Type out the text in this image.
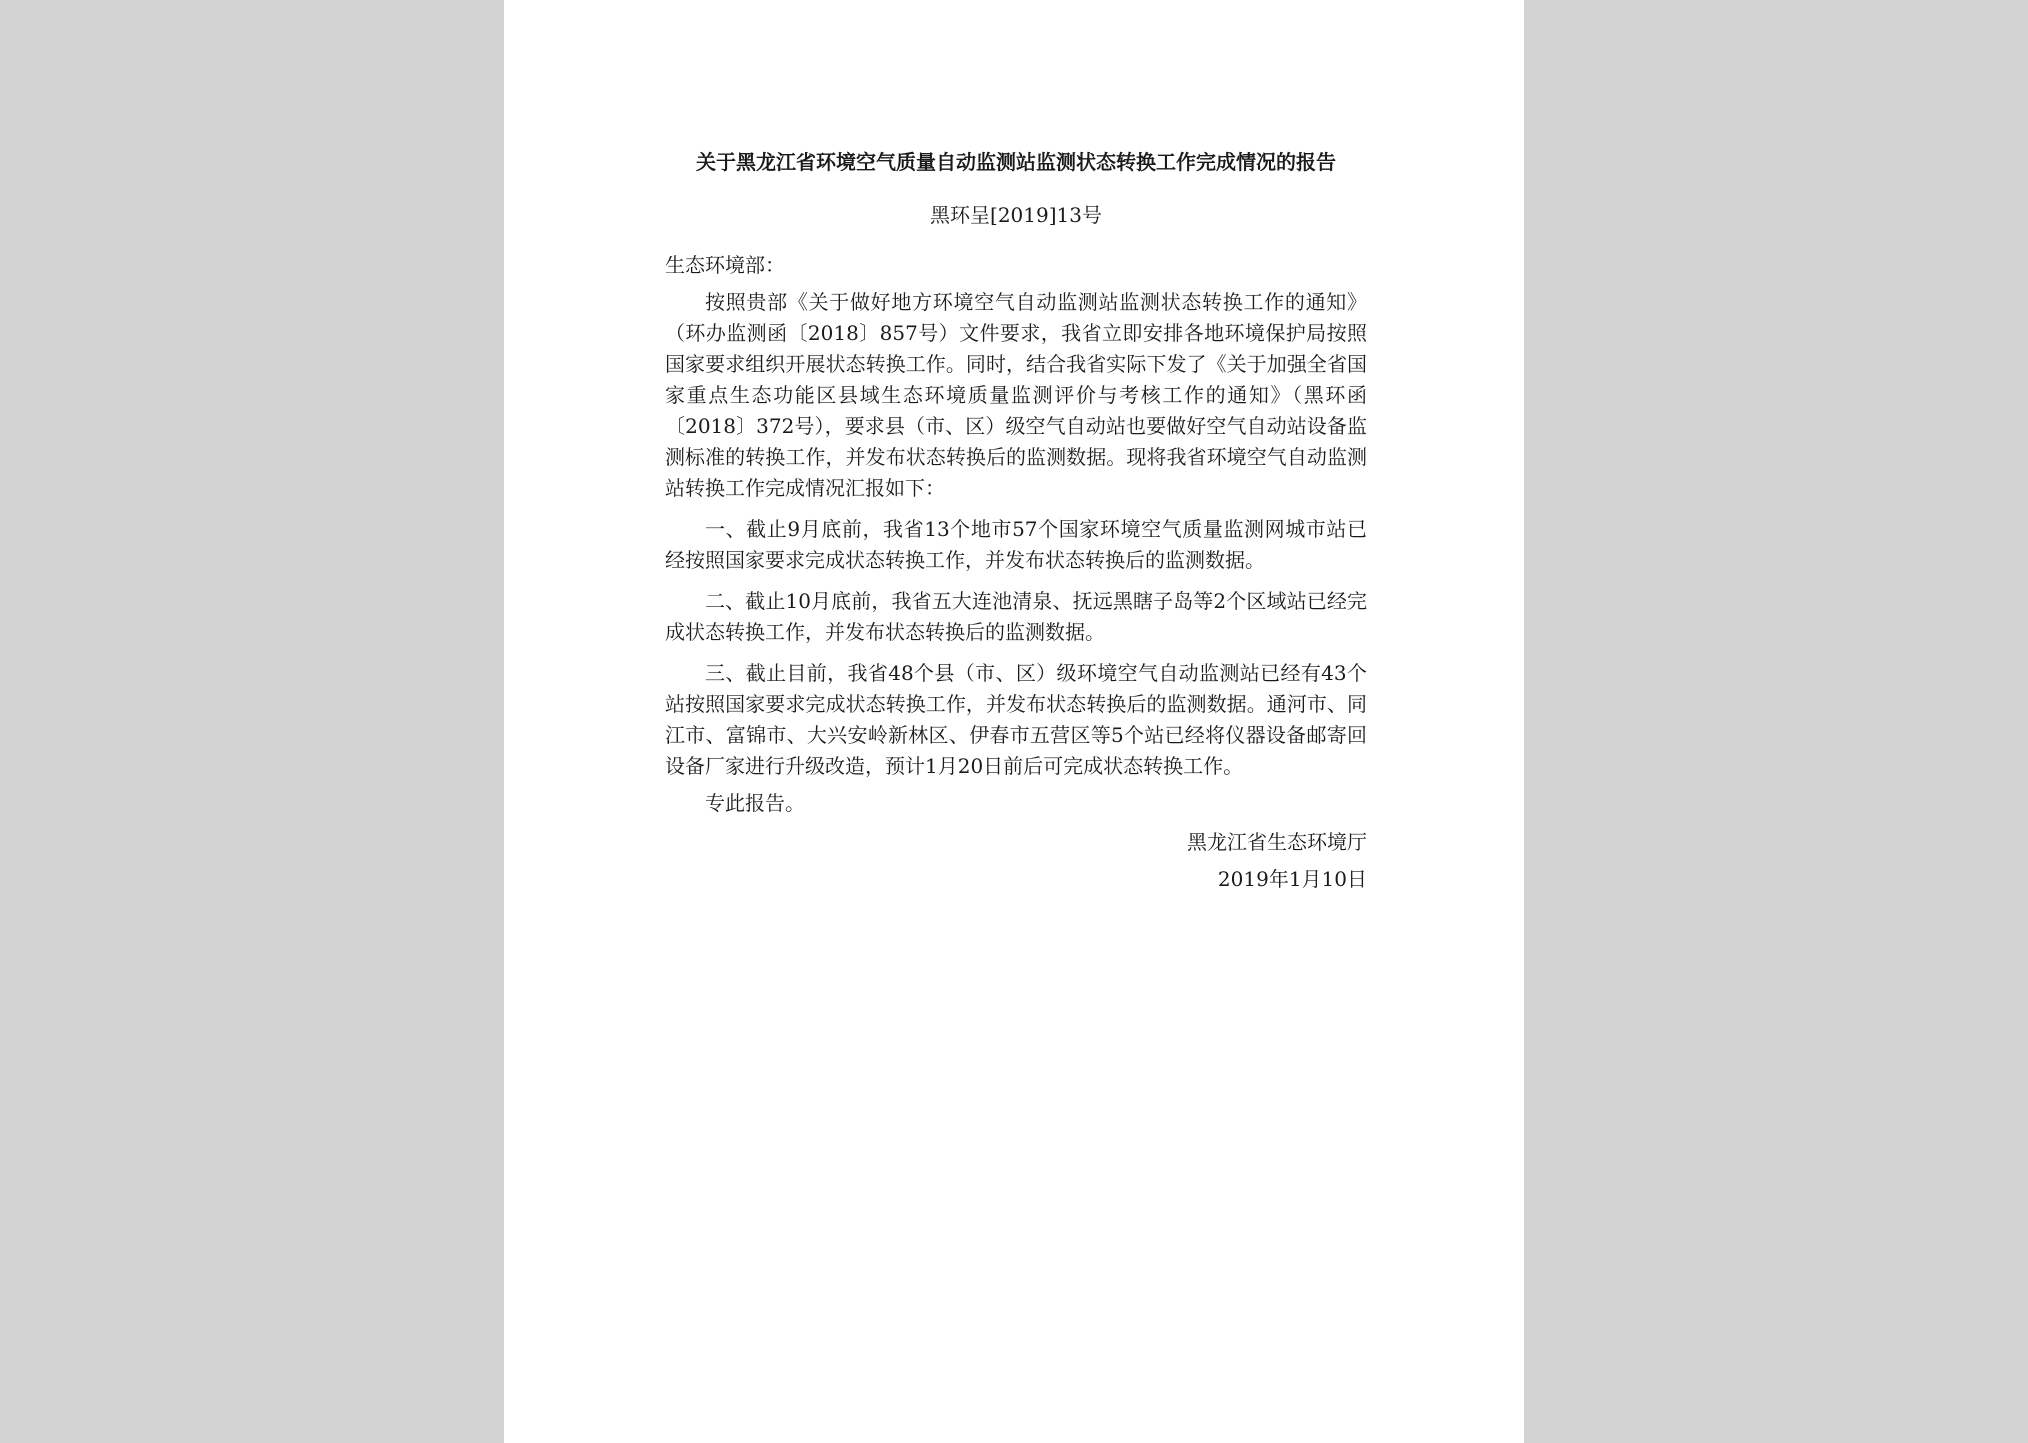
关于黑龙江省环境空气质量自动监测站监测状态转换工作完成情况的报告

黑环呈[2019]13号

生态环境部：

按照贵部《关于做好地方环境空气自动监测站监测状态转换工作的通知》（环办监测函〔2018〕857号）文件要求，我省立即安排各地环境保护局按照国家要求组织开展状态转换工作。同时，结合我省实际下发了《关于加强全省国家重点生态功能区县域生态环境质量监测评价与考核工作的通知》（黑环函〔2018〕372号），要求县（市、区）级空气自动站也要做好空气自动站设备监测标准的转换工作，并发布状态转换后的监测数据。现将我省环境空气自动监测站转换工作完成情况汇报如下：

一、截止9月底前，我省13个地市57个国家环境空气质量监测网城市站已经按照国家要求完成状态转换工作，并发布状态转换后的监测数据。

二、截止10月底前，我省五大连池清泉、抚远黑瞎子岛等2个区域站已经完成状态转换工作，并发布状态转换后的监测数据。

三、截止目前，我省48个县（市、区）级环境空气自动监测站已经有43个站按照国家要求完成状态转换工作，并发布状态转换后的监测数据。通河市、同江市、富锦市、大兴安岭新林区、伊春市五营区等5个站已经将仪器设备邮寄回设备厂家进行升级改造，预计1月20日前后可完成状态转换工作。

专此报告。

黑龙江省生态环境厅

2019年1月10日
